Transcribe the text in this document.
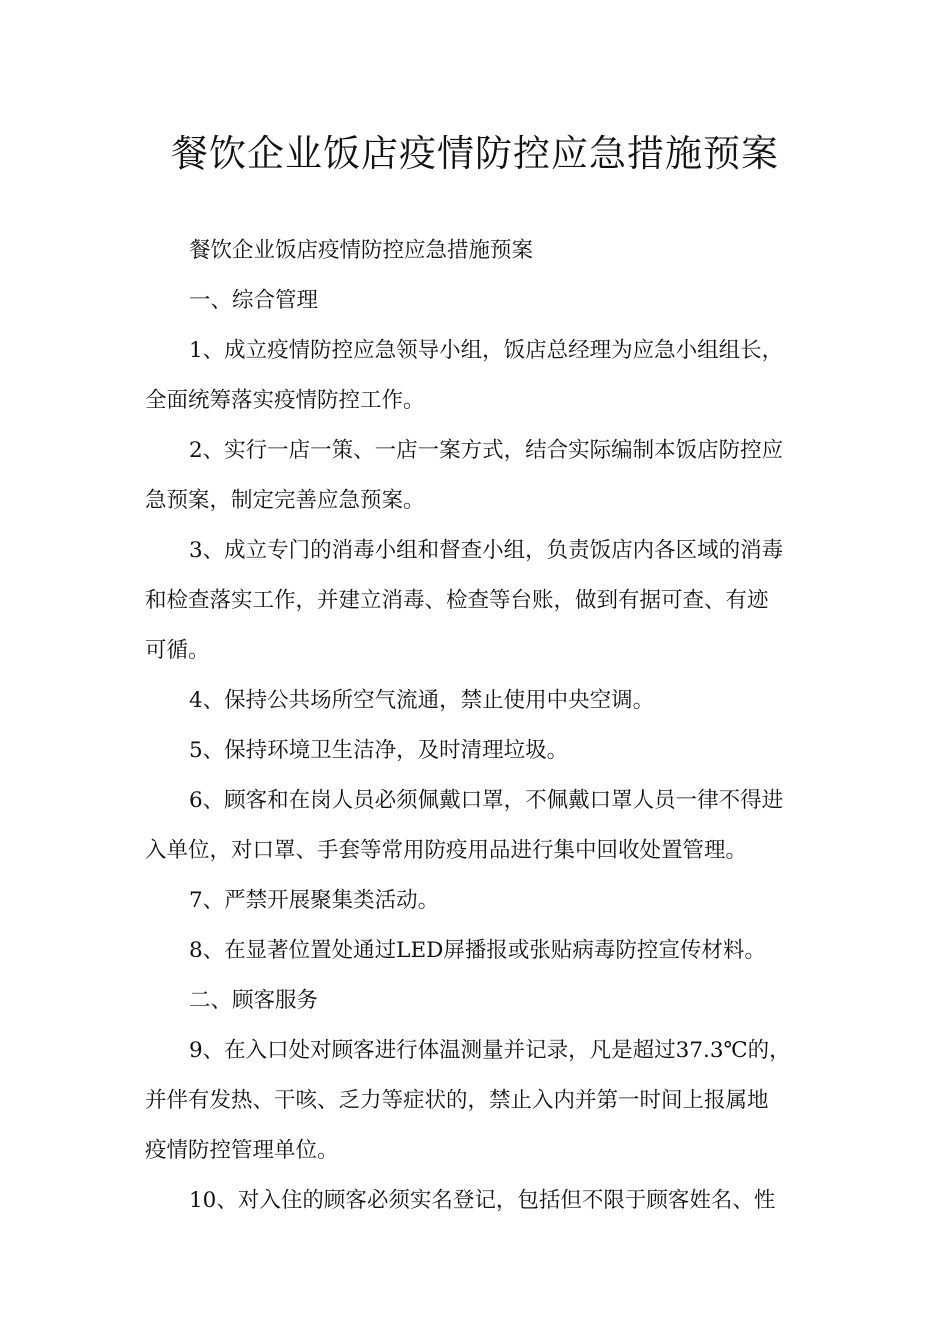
餐饮企业饭店疫情防控应急措施预案

餐饮企业饭店疫情防控应急措施预案

一、综合管理

1、成立疫情防控应急领导小组，饭店总经理为应急小组组长，

全面统筹落实疫情防控工作。

2、实行一店一策、一店一案方式，结合实际编制本饭店防控应

急预案，制定完善应急预案。

3、成立专门的消毒小组和督查小组，负责饭店内各区域的消毒

和检查落实工作，并建立消毒、检查等台账，做到有据可查、有迹

可循。

4、保持公共场所空气流通，禁止使用中央空调。

5、保持环境卫生洁净，及时清理垃圾。

6、顾客和在岗人员必须佩戴口罩，不佩戴口罩人员一律不得进

入单位，对口罩、手套等常用防疫用品进行集中回收处置管理。

7、严禁开展聚集类活动。

8、在显著位置处通过LED屏播报或张贴病毒防控宣传材料。

二、顾客服务

9、在入口处对顾客进行体温测量并记录，凡是超过37.3℃的，

并伴有发热、干咳、乏力等症状的，禁止入内并第一时间上报属地

疫情防控管理单位。

10、对入住的顾客必须实名登记，包括但不限于顾客姓名、性
